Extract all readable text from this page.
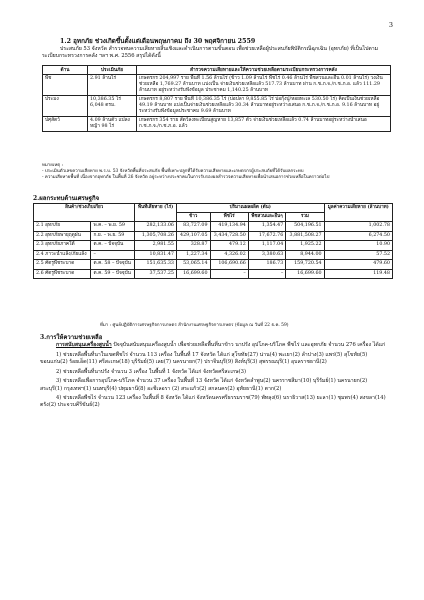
3
1.2 อุทกภัย ช่วงเกิดขึ้นตั้งแต่เดือนพฤษภาคม ถึง 30 พฤศจิกายน 2559

ประสบภัย 53 จังหวัด สำรวจพบความเสียหายสิ้นเชิงและดำเนินการตามขั้นตอน เพื่อช่วยเหลือผู้ประสบภัยพิบัติกรณีฉุกเฉิน (อุทกภัย) ที่เป็นไปตามระเบียบกระทรวงการคลัง ฯลฯ พ.ศ. 2556 สรุปได้ดังนี้

ด้าน	ประเมินภัย	สำรวจความเสียหายและให้ความช่วยเหลือตามระเบียบกระทรวงการคลัง
พืช	2.91 ล้านไร่	เกษตรกร 204,997 ราย พื้นที่ 1.56 ล้านไร่ (ข้าว 1.09 ล้านไร่ พืชไร่ 0.46 ล้านไร่ พืชสวนและอื่น 0.01 ล้านไร่) วงเงินช่วยเหลือ 1,769.27 ล้านบาท แบ่งเป็น จ่ายเงินช่วยเหลือแล้ว 517.73 ล้านบาท ผ่าน ก.ช.ภ.จ./ก.ช.ภ.อ. แล้ว 111.29 ล้านบาท อยู่ระหว่างรับฟังข้อมูล ประชาคม 1,140.25 ล้านบาท
ประมง	10,386.35 ไร่ 6,048 ตรม.	เกษตรกร 8,807 ราย พื้นที่ 10,386.35 ไร่ (บ่อปลา 9,855.85 ไร่ บ่อกุ้งปู/หอยทะเล 530.50 ไร่) คิดเป็นเงินช่วยเหลือ 49.19 ล้านบาท แบ่งเป็นจ่ายเงินช่วยเหลือแล้ว 30.34 ล้านบาทอยู่ระหว่างเสนอ ก.ช.ภ.จ./ก.ช.ภ.อ. 9.16 ล้านบาท อยู่ระหว่างรับฟังข้อมูลประชาคม 9.69 ล้านบาท
ปศุสัตว์	4.09 ล้านตัว แปลงหญ้า 98 ไร่	เกษตรกร 354 ราย สัตว์ลงทะเบียนสูญหาย 13,857 ตัว จ่ายเงินช่วยเหลือแล้ว 0.74 ล้านบาทอยู่ระหว่างนำเสนอ ก.ช.ภ.จ./ก.ช.ภ.อ. แล้ว
หมายเหตุ :
- ประเมินตัวเลขความเสียหาย พ.ร.บ. 53 จังหวัดพื้นที่ประสบภัย พื้นที่เพาะปลูกที่ได้รับความเสียหายและเกษตรกรผู้ประสบภัยที่ได้รับผลกระทบ
- ความเสียหายพื้นที่ เนื่องจากอุทกภัย ในพื้นที่ 26 จังหวัด อยู่ระหว่างประชาคมในการรับรองผลสำรวจความเสียหายเพื่อนำเสนอการช่วยเหลือในคราวต่อไป
2.ผลกระทบด้านเศรษฐกิจ
สินค้า/ช่วงเก็บเกี่ยว		พื้นที่เสียหาย (ไร่)	ปริมาณผลผลิต (ตัน)				มูลค่าความเสียหาย (ล้านบาท)
			ข้าว	พืชไร่	พืชสวนและอื่นๆ	รวม	
2.1 อุทกภัย	พ.ค. – พ.ย. 59	282,133.06	83,727.09	419,134.94	1,354.47	504,196.51	1,002.78
2.2 อุทกภัยพายุฤดูฝน	ก.ย. – พ.ย. 59	1,305,708.26	429,107.05	3,434,728.50	17,672.76	3,881,508.27	6,274.50
2.3 อุทกภัยภาคใต้	ต.ค. – ปัจจุบัน	2,981.55	328.87	479.12	1,117.04	1,925.22	10.90
2.4 ภาวะน้ำแล้ง/ภัยแล้ง	–	10,831.47	1,227.34	4,326.02	3,380.63	8,944.00	57.52
2.5 ศัตรูพืชระบาด	ต.ค. 58 – ปัจจุบัน	151,635.33	53,065.14	106,690.66	186.73	159,720.54	479.60
2.6 ศัตรูพืชระบาด	ต.ค. 59 – ปัจจุบัน	37,537.25	16,699.60	–	–	16,699.60	119.48
ที่มา : ศูนย์ปฏิบัติการเศรษฐกิจการเกษตร สำนักงานเศรษฐกิจการเกษตร (ข้อมูล ณ วันที่ 22 ธ.ค. 59)
3.การให้ความช่วยเหลือ

การสนับสนุนเครื่องสูบน้ำ ปัจจุบันสนับสนุนเครื่องสูบน้ำ เพื่อช่วยเหลือพื้นที่นาข้าว นาปรัง อุปโภค-บริโภค พืชไร่ และอุทกภัย จำนวน 276 เครื่อง ได้แก่

1) ช่วยเหลือพื้นที่นาในเขตพืชไร่ จำนวน 113 เครื่อง ในพื้นที่ 17 จังหวัด ได้แก่ สุโขทัย(27) น่าน(4) พะเยา(2) ลำปาง(3) แพร่(5) สุโขทัย(5) ขอนแก่น(2) ร้อยเอ็ด(11) ศรีสะเกษ(18) บุรีรัมย์(5) เลย(7) นครนายก(7) ปราจีนบุรี(9) สิงห์บุรี(3) สุพรรณบุรี(1) อุบลราชธานี(2)

2) ช่วยเหลือพื้นที่นาปรัง จำนวน 3 เครื่อง ในพื้นที่ 1 จังหวัด ได้แก่ จังหวัดศรีสะเกษ(3)

3) ช่วยเหลือเพื่อการอุปโภค-บริโภค จำนวน 37 เครื่อง ในพื้นที่ 13 จังหวัด ได้แก่ จังหวัดลำพูน(2) นครราชสีมา(10) บุรีรัมย์(1) นครนายก(2) สระบุรี(1) กรุงเทพฯ(1) นนทบุรี(4) ปทุมธานี(8) อะชีเลอรา (2) สระแก้ว(2) สกลนคร(2) อุทัยธานี(1) ตาก(2)

4) ช่วยเหลือพืชไร่ จำนวน 123 เครื่อง ในพื้นที่ 8 จังหวัด ได้แก่ จังหวัดนครศรีธรรมราช(79) พัทลุง(6) นราธิวาส(13) ยะลา(1) ชุมพร(4) สงขลา(14) ตรัง(2) ประจวบคีรีขันธ์(2)
